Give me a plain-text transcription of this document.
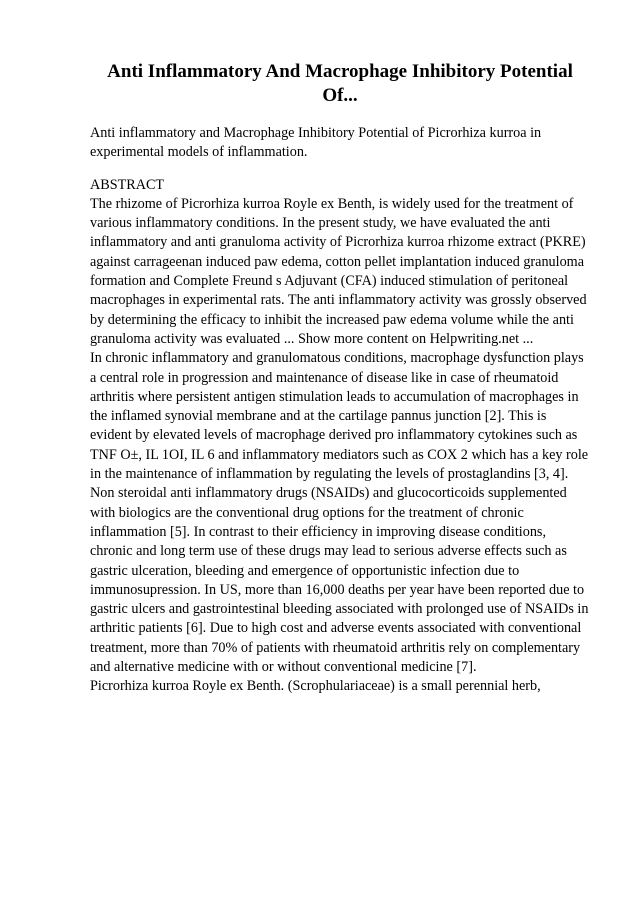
Anti Inflammatory And Macrophage Inhibitory Potential Of...

Anti inflammatory and Macrophage Inhibitory Potential of Picrorhiza kurroa in experimental models of inflammation.

ABSTRACT

The rhizome of Picrorhiza kurroa Royle ex Benth, is widely used for the treatment of various inflammatory conditions. In the present study, we have evaluated the anti inflammatory and anti granuloma activity of Picrorhiza kurroa rhizome extract (PKRE) against carrageenan induced paw edema, cotton pellet implantation induced granuloma formation and Complete Freund s Adjuvant (CFA) induced stimulation of peritoneal macrophages in experimental rats. The anti inflammatory activity was grossly observed by determining the efficacy to inhibit the increased paw edema volume while the anti granuloma activity was evaluated ... Show more content on Helpwriting.net ...

In chronic inflammatory and granulomatous conditions, macrophage dysfunction plays a central role in progression and maintenance of disease like in case of rheumatoid arthritis where persistent antigen stimulation leads to accumulation of macrophages in the inflamed synovial membrane and at the cartilage pannus junction [2]. This is evident by elevated levels of macrophage derived pro inflammatory cytokines such as TNF O±, IL 1OI, IL 6 and inflammatory mediators such as COX 2 which has a key role in the maintenance of inflammation by regulating the levels of prostaglandins [3, 4].

Non steroidal anti inflammatory drugs (NSAIDs) and glucocorticoids supplemented with biologics are the conventional drug options for the treatment of chronic inflammation [5]. In contrast to their efficiency in improving disease conditions, chronic and long term use of these drugs may lead to serious adverse effects such as gastric ulceration, bleeding and emergence of opportunistic infection due to immunosupression. In US, more than 16,000 deaths per year have been reported due to gastric ulcers and gastrointestinal bleeding associated with prolonged use of NSAIDs in arthritic patients [6]. Due to high cost and adverse events associated with conventional treatment, more than 70% of patients with rheumatoid arthritis rely on complementary and alternative medicine with or without conventional medicine [7].

Picrorhiza kurroa Royle ex Benth. (Scrophulariaceae) is a small perennial herb,
